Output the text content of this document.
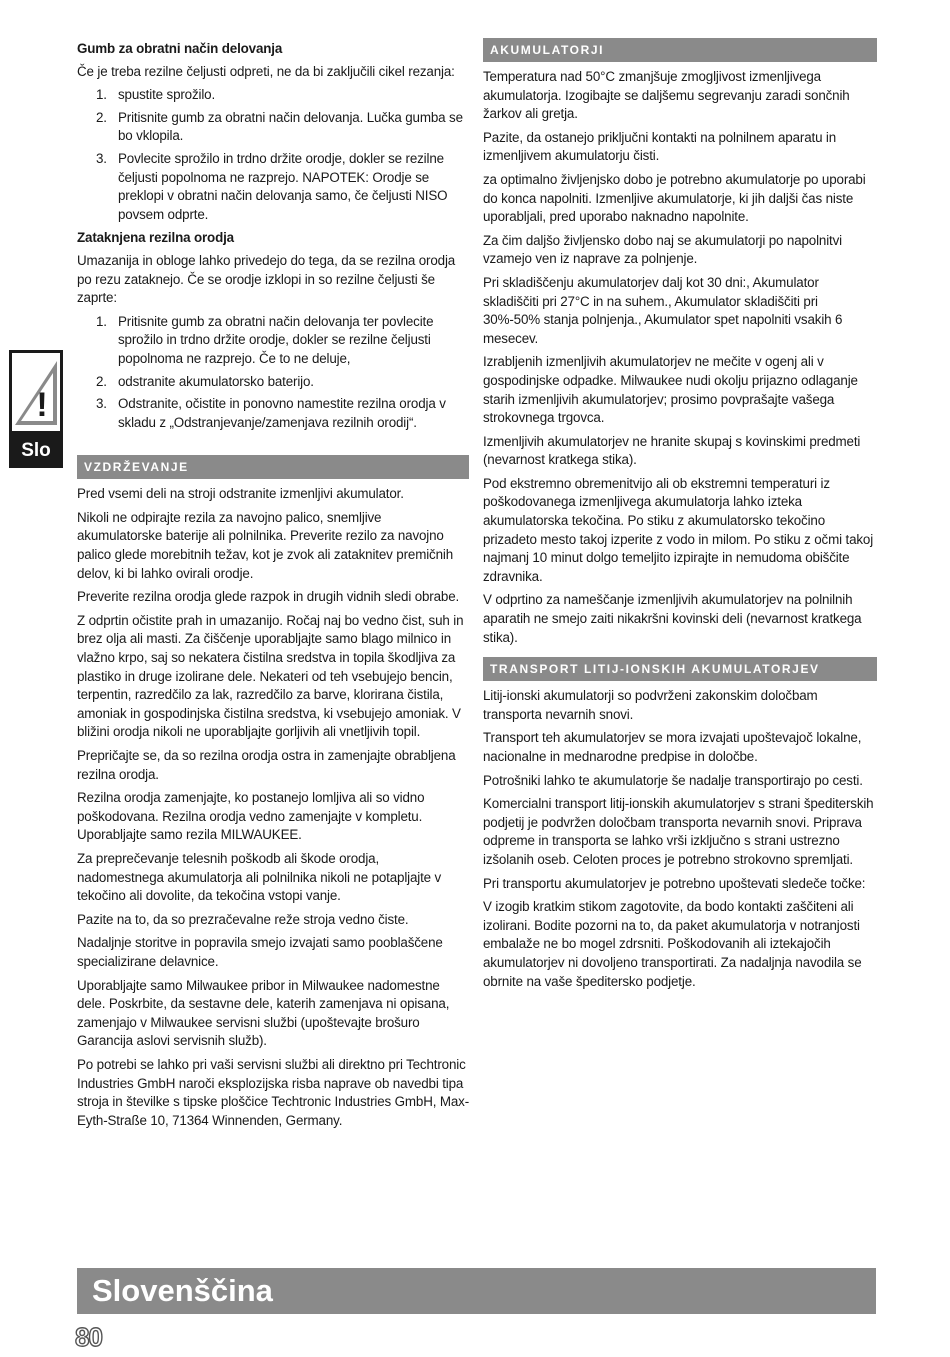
!
Slo
Gumb za obratni način delovanja

Če je treba rezilne čeljusti odpreti, ne da bi zaključili cikel rezanja:

1. spustite sprožilo.
2. Pritisnite gumb za obratni način delovanja. Lučka gumba se bo vklopila.
3. Povlecite sprožilo in trdno držite orodje, dokler se rezilne čeljusti popolnoma ne razprejo. NAPOTEK: Orodje se preklopi v obratni način delovanja samo, če čeljusti NISO povsem odprte.
Zataknjena rezilna orodja

Umazanija in obloge lahko privedejo do tega, da se rezilna orodja po rezu zataknejo. Če se orodje izklopi in so rezilne čeljusti še zaprte:

1. Pritisnite gumb za obratni način delovanja ter povlecite sprožilo in trdno držite orodje, dokler se rezilne čeljusti popolnoma ne razprejo. Če to ne deluje,
2. odstranite akumulatorsko baterijo.
3. Odstranite, očistite in ponovno namestite rezilna orodja v skladu z „Odstranjevanje/zamenjava rezilnih orodij“.
VZDRŽEVANJE

Pred vsemi deli na stroji odstranite izmenljivi akumulator.

Nikoli ne odpirajte rezila za navojno palico, snemljive akumulatorske baterije ali polnilnika. Preverite rezilo za navojno palico glede morebitnih težav, kot je zvok ali zataknitev premičnih delov, ki bi lahko ovirali orodje.

Preverite rezilna orodja glede razpok in drugih vidnih sledi obrabe.

Z odprtin očistite prah in umazanijo. Ročaj naj bo vedno čist, suh in brez olja ali masti. Za čiščenje uporabljajte samo blago milnico in vlažno krpo, saj so nekatera čistilna sredstva in topila škodljiva za plastiko in druge izolirane dele. Nekateri od teh vsebujejo bencin, terpentin, razredčilo za lak, razredčilo za barve, klorirana čistila, amoniak in gospodinjska čistilna sredstva, ki vsebujejo amoniak. V bližini orodja nikoli ne uporabljajte gorljivih ali vnetljivih topil.

Prepričajte se, da so rezilna orodja ostra in zamenjajte obrabljena rezilna orodja.

Rezilna orodja zamenjajte, ko postanejo lomljiva ali so vidno poškodovana. Rezilna orodja vedno zamenjajte v kompletu. Uporabljajte samo rezila MILWAUKEE.

Za preprečevanje telesnih poškodb ali škode orodja, nadomestnega akumulatorja ali polnilnika nikoli ne potapljajte v tekočino ali dovolite, da tekočina vstopi vanje.

Pazite na to, da so prezračevalne reže stroja vedno čiste.

Nadaljnje storitve in popravila smejo izvajati samo pooblaščene specializirane delavnice.

Uporabljajte samo Milwaukee pribor in Milwaukee nadomestne dele. Poskrbite, da sestavne dele, katerih zamenjava ni opisana, zamenjajo v Milwaukee servisni službi (upoštevajte brošuro Garancija aslovi servisnih služb).

Po potrebi se lahko pri vaši servisni službi ali direktno pri Techtronic Industries GmbH naroči eksplozijska risba naprave ob navedbi tipa stroja in številke s tipske ploščice Techtronic Industries GmbH, Max-Eyth-Straße 10, 71364 Winnenden, Germany.

AKUMULATORJI

Temperatura nad 50°C zmanjšuje zmogljivost izmenljivega akumulatorja. Izogibajte se daljšemu segrevanju zaradi sončnih žarkov ali gretja.

Pazite, da ostanejo priključni kontakti na polnilnem aparatu in izmenljivem akumulatorju čisti.

za optimalno življenjsko dobo je potrebno akumulatorje po uporabi do konca napolniti. Izmenljive akumulatorje, ki jih daljši čas niste uporabljali, pred uporabo naknadno napolnite.

Za čim daljšo življensko dobo naj se akumulatorji po napolnitvi vzamejo ven iz naprave za polnjenje.

Pri skladiščenju akumulatorjev dalj kot 30 dni:, Akumulator skladiščiti pri 27°C in na suhem., Akumulator skladiščiti pri 30%-50% stanja polnjenja., Akumulator spet napolniti vsakih 6 mesecev.

Izrabljenih izmenljivih akumulatorjev ne mečite v ogenj ali v gospodinjske odpadke. Milwaukee nudi okolju prijazno odlaganje starih izmenljivih akumulatorjev; prosimo povprašajte vašega strokovnega trgovca.

Izmenljivih akumulatorjev ne hranite skupaj s kovinskimi predmeti (nevarnost kratkega stika).

Pod ekstremno obremenitvijo ali ob ekstremni temperaturi iz poškodovanega izmenljivega akumulatorja lahko izteka akumulatorska tekočina. Po stiku z akumulatorsko tekočino prizadeto mesto takoj izperite z vodo in milom. Po stiku z očmi takoj najmanj 10 minut dolgo temeljito izpirajte in nemudoma obiščite zdravnika.

V odprtino za nameščanje izmenljivih akumulatorjev na polnilnih aparatih ne smejo zaiti nikakršni kovinski deli (nevarnost kratkega stika).

TRANSPORT LITIJ-IONSKIH AKUMULATORJEV

Litij-ionski akumulatorji so podvrženi zakonskim določbam transporta nevarnih snovi.

Transport teh akumulatorjev se mora izvajati upoštevajoč lokalne, nacionalne in mednarodne predpise in določbe.

Potrošniki lahko te akumulatorje še nadalje transportirajo po cesti.

Komercialni transport litij-ionskih akumulatorjev s strani špediterskih podjetij je podvržen določbam transporta nevarnih snovi. Priprava odpreme in transporta se lahko vrši izključno s strani ustrezno izšolanih oseb. Celoten proces je potrebno strokovno spremljati.

Pri transportu akumulatorjev je potrebno upoštevati sledeče točke:

V izogib kratkim stikom zagotovite, da bodo kontakti zaščiteni ali izolirani. Bodite pozorni na to, da paket akumulatorja v notranjosti embalaže ne bo mogel zdrsniti. Poškodovanih ali iztekajočih akumulatorjev ni dovoljeno transportirati. Za nadaljnja navodila se obrnite na vaše špeditersko podjetje.

Slovenščina
80
